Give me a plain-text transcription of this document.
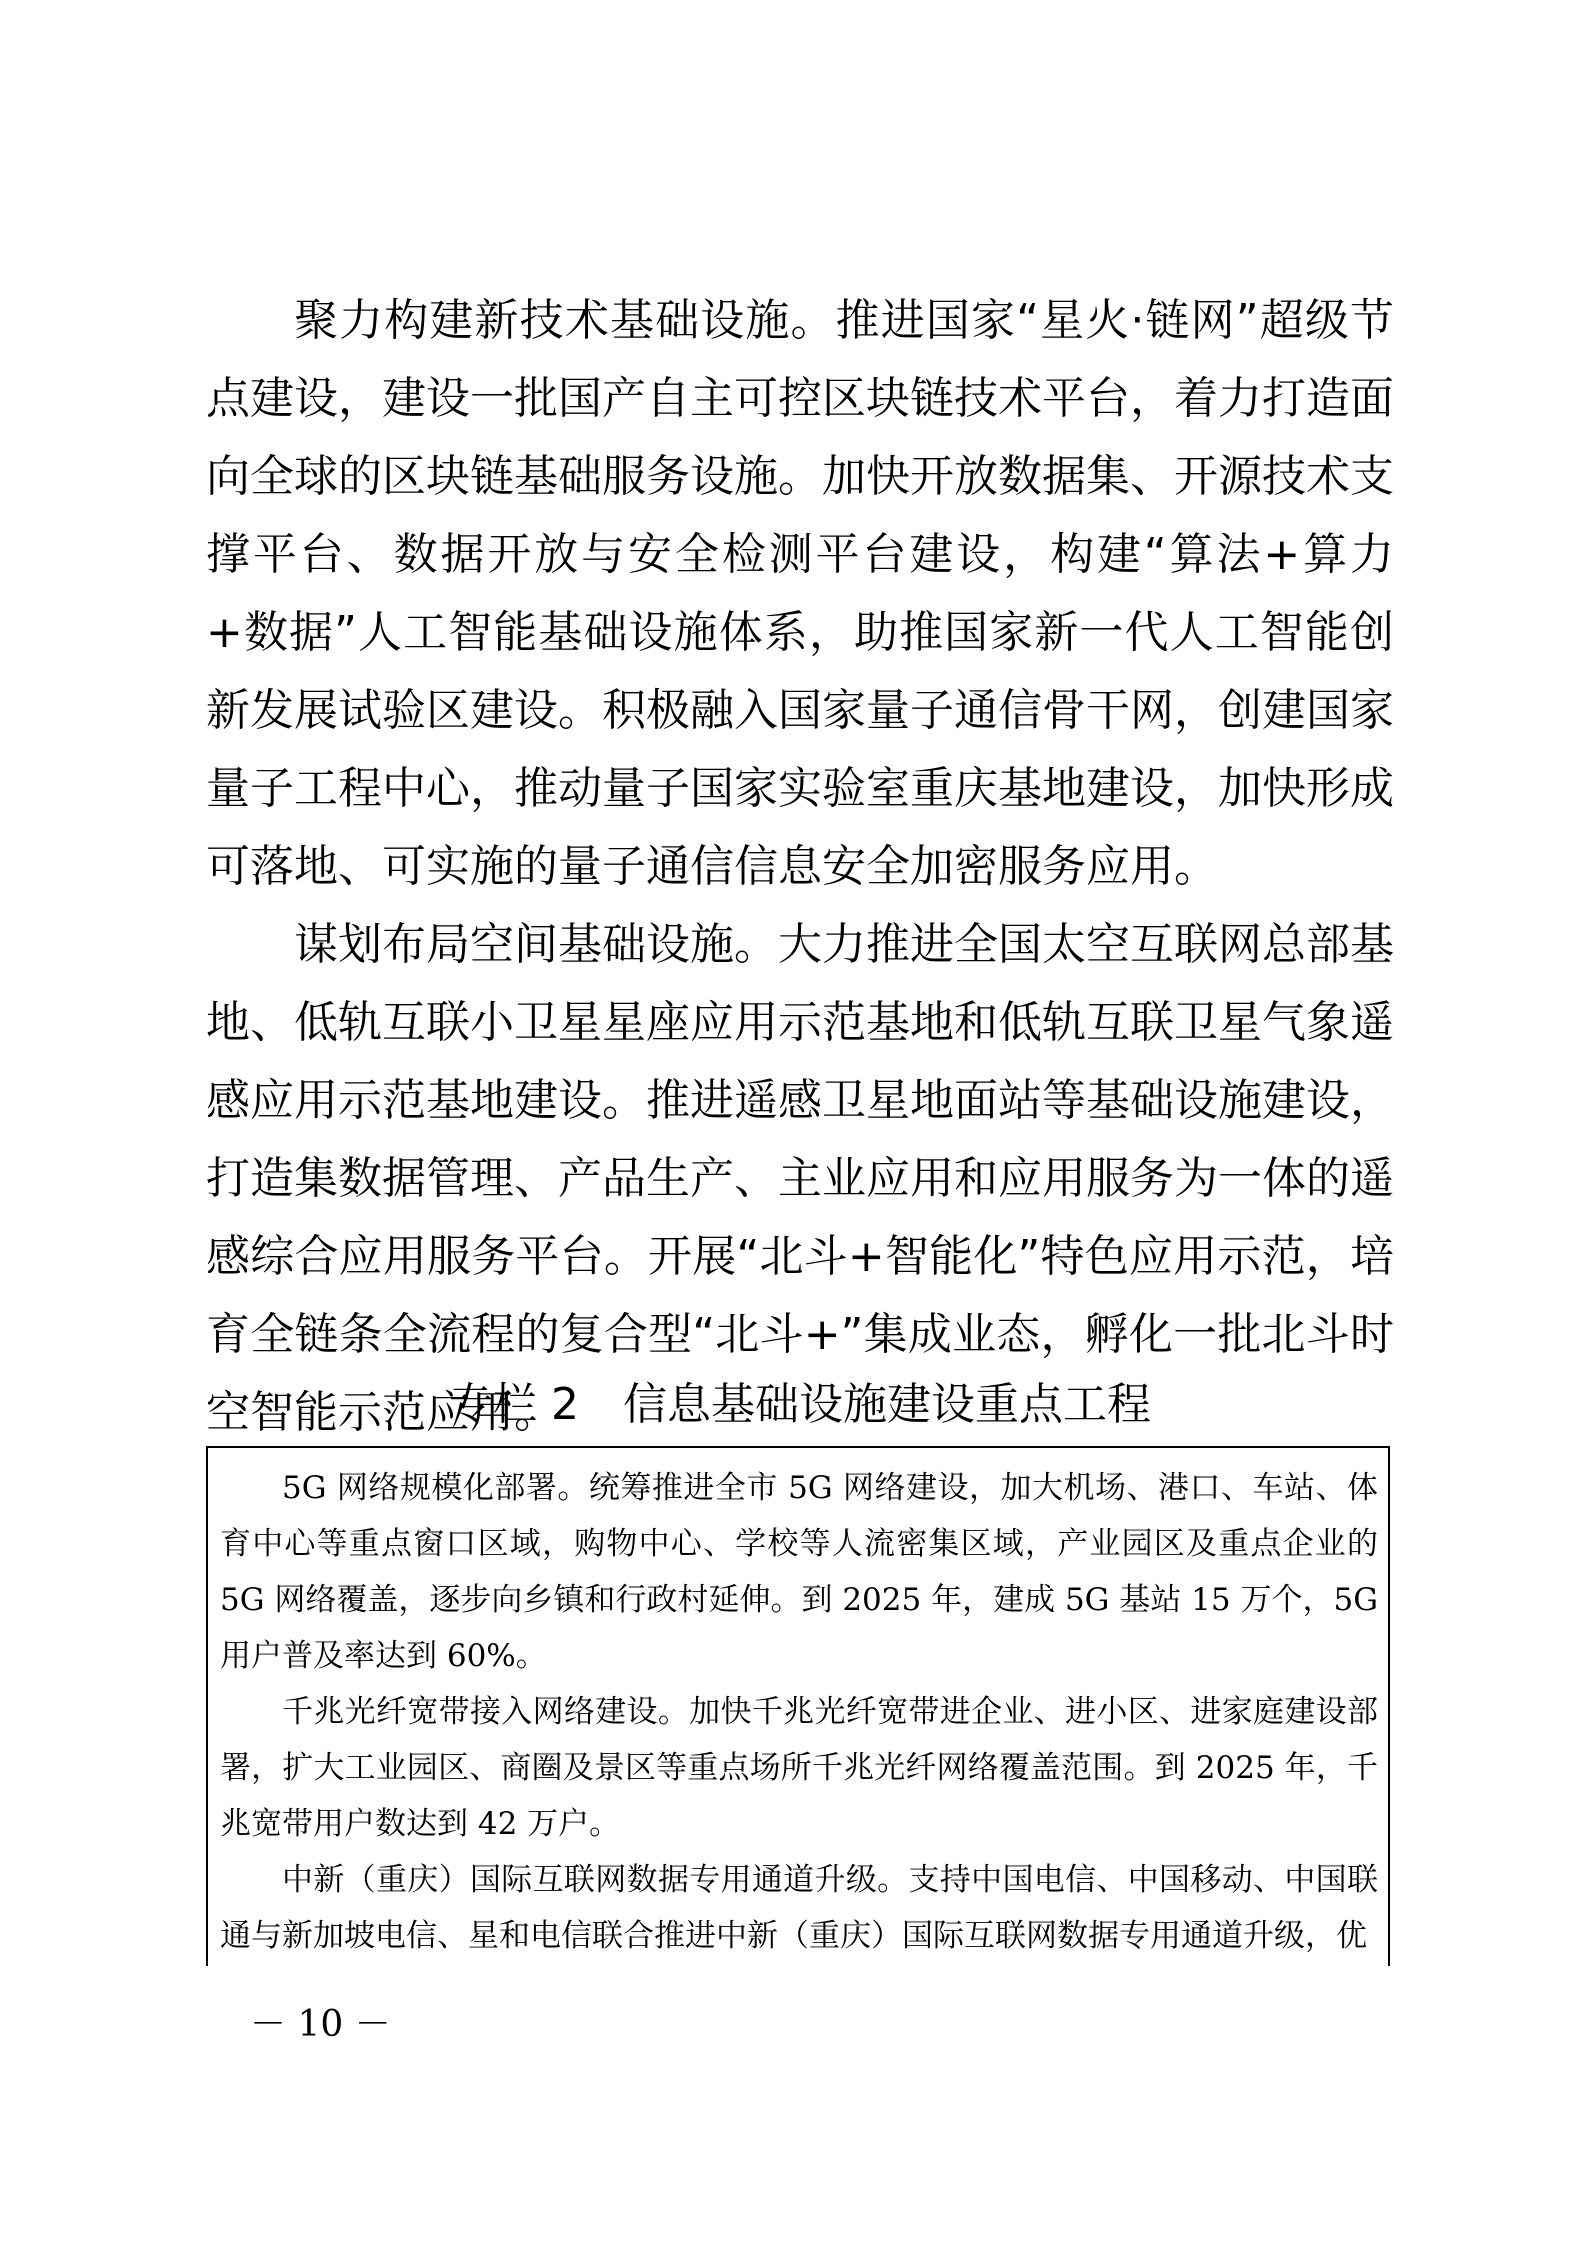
聚力构建新技术基础设施。推进国家“星火·链网”超级节点建设，建设一批国产自主可控区块链技术平台，着力打造面向全球的区块链基础服务设施。加快开放数据集、开源技术支撑平台、数据开放与安全检测平台建设，构建“算法+算力+数据”人工智能基础设施体系，助推国家新一代人工智能创新发展试验区建设。积极融入国家量子通信骨干网，创建国家量子工程中心，推动量子国家实验室重庆基地建设，加快形成可落地、可实施的量子通信信息安全加密服务应用。

谋划布局空间基础设施。大力推进全国太空互联网总部基地、低轨互联小卫星星座应用示范基地和低轨互联卫星气象遥感应用示范基地建设。推进遥感卫星地面站等基础设施建设，打造集数据管理、产品生产、主业应用和应用服务为一体的遥感综合应用服务平台。开展“北斗+智能化”特色应用示范，培育全链条全流程的复合型“北斗+”集成业态，孵化一批北斗时空智能示范应用。

专栏 2　信息基础设施建设重点工程

5G 网络规模化部署。统筹推进全市 5G 网络建设，加大机场、港口、车站、体育中心等重点窗口区域，购物中心、学校等人流密集区域，产业园区及重点企业的 5G 网络覆盖，逐步向乡镇和行政村延伸。到 2025 年，建成 5G 基站 15 万个，5G 用户普及率达到 60%。

千兆光纤宽带接入网络建设。加快千兆光纤宽带进企业、进小区、进家庭建设部署，扩大工业园区、商圈及景区等重点场所千兆光纤网络覆盖范围。到 2025 年，千兆宽带用户数达到 42 万户。

中新（重庆）国际互联网数据专用通道升级。支持中国电信、中国移动、中国联通与新加坡电信、星和电信联合推进中新（重庆）国际互联网数据专用通道升级，优

－ 10 －
